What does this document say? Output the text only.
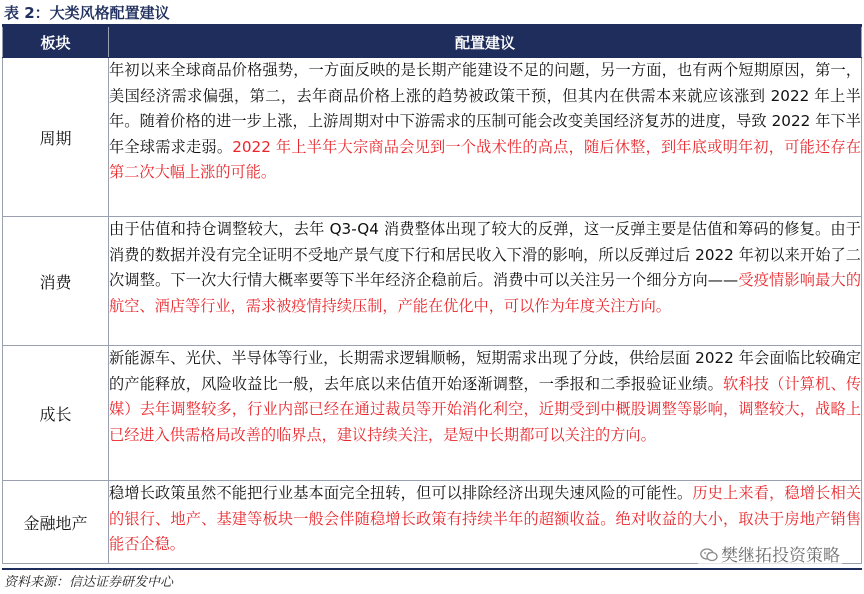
表 2：大类风格配置建议
板块	配置建议
周期	年初以来全球商品价格强势，一方面反映的是长期产能建设不足的问题，另一方面，也有两个短期原因，第一，美国经济需求偏强，第二，去年商品价格上涨的趋势被政策干预，但其内在供需本来就应该涨到 2022 年上半年。随着价格的进一步上涨，上游周期对中下游需求的压制可能会改变美国经济复苏的进度，导致 2022 年下半年全球需求走弱。2022 年上半年大宗商品会见到一个战术性的高点，随后休整，到年底或明年初，可能还存在第二次大幅上涨的可能。
消费	由于估值和持仓调整较大，去年 Q3-Q4 消费整体出现了较大的反弹，这一反弹主要是估值和筹码的修复。由于消费的数据并没有完全证明不受地产景气度下行和居民收入下滑的影响，所以反弹过后 2022 年初以来开始了二次调整。下一次大行情大概率要等下半年经济企稳前后。消费中可以关注另一个细分方向——受疫情影响最大的航空、酒店等行业，需求被疫情持续压制，产能在优化中，可以作为年度关注方向。
成长	新能源车、光伏、半导体等行业，长期需求逻辑顺畅，短期需求出现了分歧，供给层面 2022 年会面临比较确定的产能释放，风险收益比一般，去年底以来估值开始逐渐调整，一季报和二季报验证业绩。软科技（计算机、传媒）去年调整较多，行业内部已经在通过裁员等开始消化利空，近期受到中概股调整等影响，调整较大，战略上已经进入供需格局改善的临界点，建议持续关注，是短中长期都可以关注的方向。
金融地产	稳增长政策虽然不能把行业基本面完全扭转，但可以排除经济出现失速风险的可能性。历史上来看，稳增长相关的银行、地产、基建等板块一般会伴随稳增长政策有持续半年的超额收益。绝对收益的大小，取决于房地产销售能否企稳。
樊继拓投资策略
资料来源：信达证券研发中心
